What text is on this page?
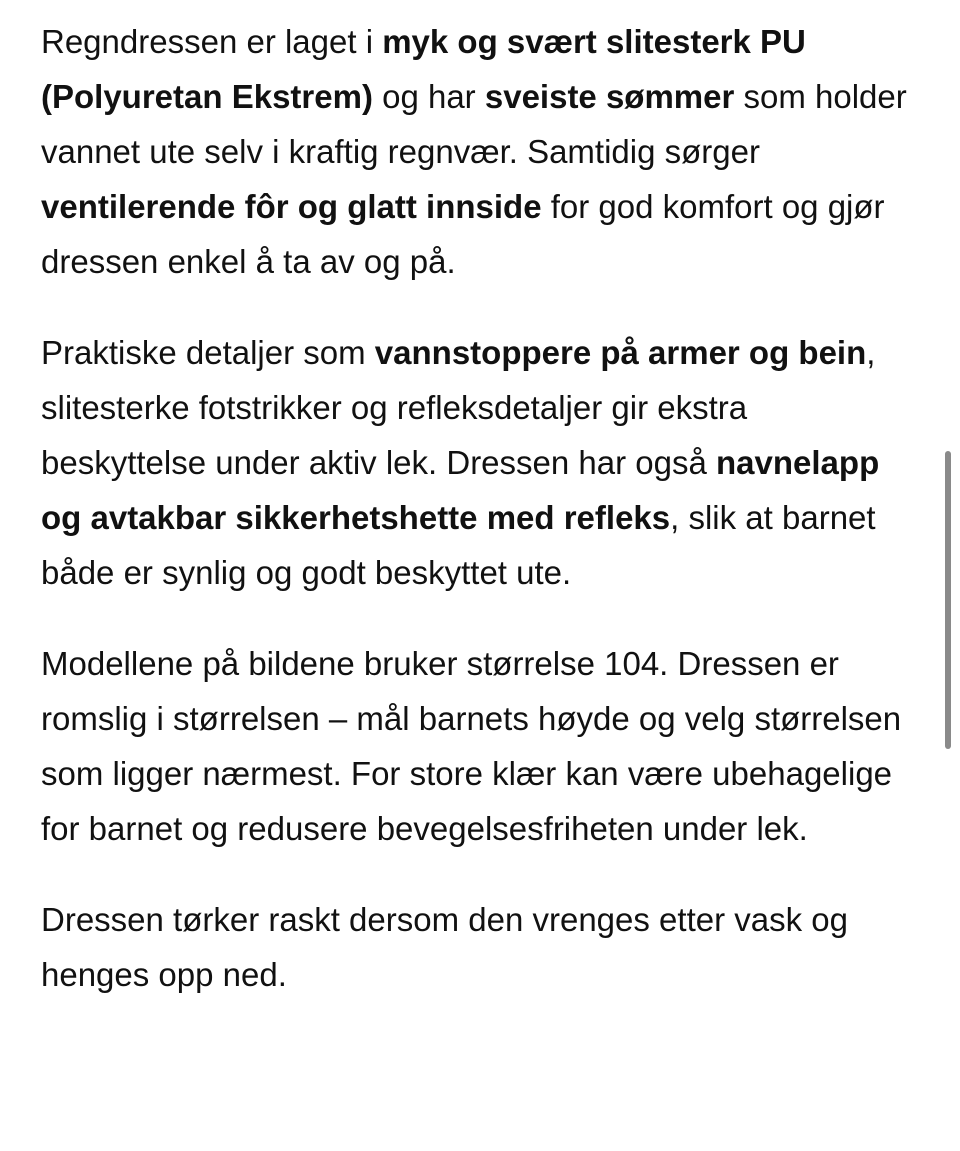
Regndressen er laget i myk og svært slitesterk PU (Polyuretan Ekstrem) og har sveiste sømmer som holder vannet ute selv i kraftig regnvær. Samtidig sørger ventilerende fôr og glatt innside for god komfort og gjør dressen enkel å ta av og på.

Praktiske detaljer som vannstoppere på armer og bein, slitesterke fotstrikker og refleksdetaljer gir ekstra beskyttelse under aktiv lek. Dressen har også navnelapp og avtakbar sikkerhetshette med refleks, slik at barnet både er synlig og godt beskyttet ute.

Modellene på bildene bruker størrelse 104. Dressen er romslig i størrelsen – mål barnets høyde og velg størrelsen som ligger nærmest. For store klær kan være ubehagelige for barnet og redusere bevegelsesfriheten under lek.

Dressen tørker raskt dersom den vrenges etter vask og henges opp ned.
